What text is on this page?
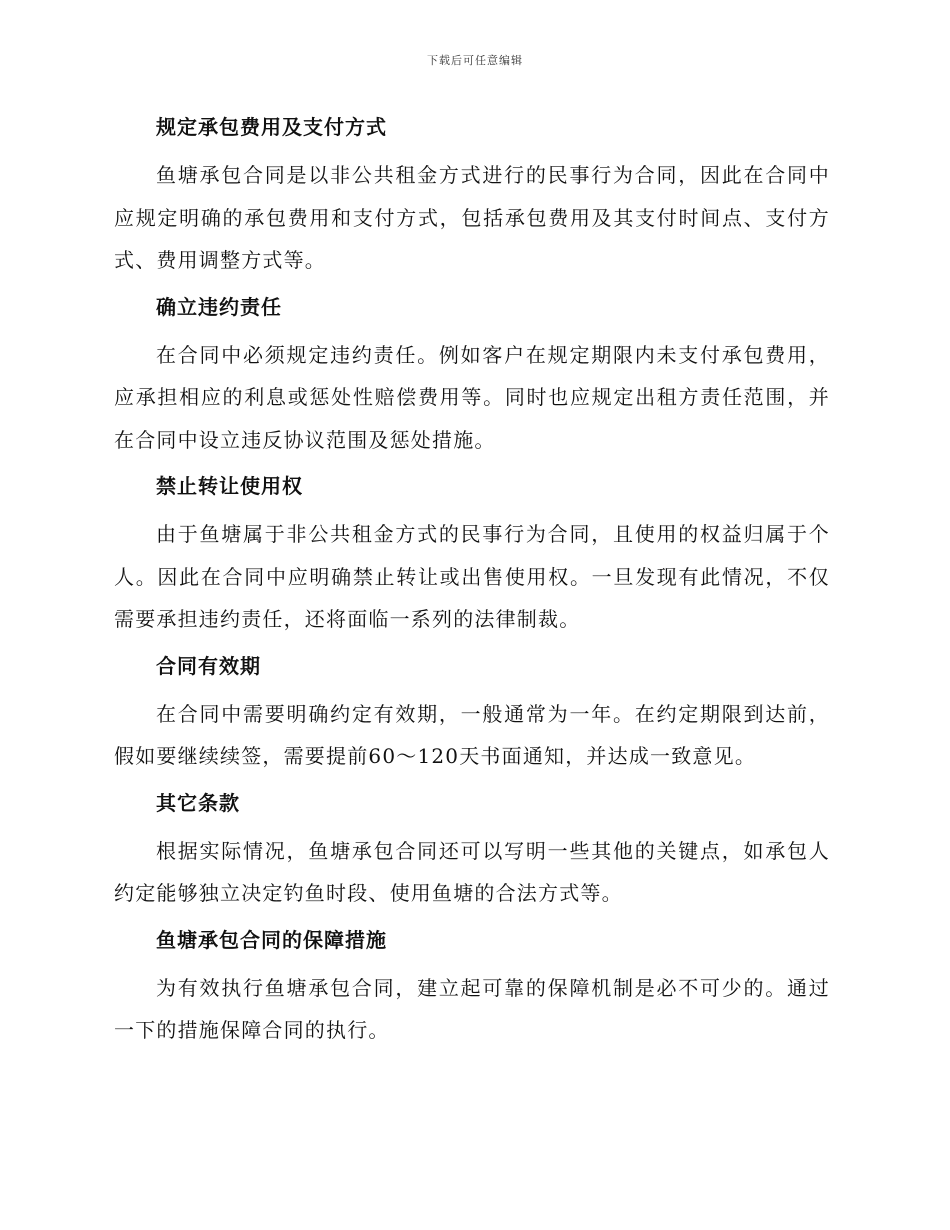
下载后可任意编辑
规定承包费用及支付方式

鱼塘承包合同是以非公共租金方式进行的民事行为合同，因此在合同中应规定明确的承包费用和支付方式，包括承包费用及其支付时间点、支付方式、费用调整方式等。

确立违约责任

在合同中必须规定违约责任。例如客户在规定期限内未支付承包费用，应承担相应的利息或惩处性赔偿费用等。同时也应规定出租方责任范围，并在合同中设立违反协议范围及惩处措施。

禁止转让使用权

由于鱼塘属于非公共租金方式的民事行为合同，且使用的权益归属于个人。因此在合同中应明确禁止转让或出售使用权。一旦发现有此情况，不仅需要承担违约责任，还将面临一系列的法律制裁。

合同有效期

在合同中需要明确约定有效期，一般通常为一年。在约定期限到达前，假如要继续续签，需要提前60～120天书面通知，并达成一致意见。

其它条款

根据实际情况，鱼塘承包合同还可以写明一些其他的关键点，如承包人约定能够独立决定钓鱼时段、使用鱼塘的合法方式等。

鱼塘承包合同的保障措施

为有效执行鱼塘承包合同，建立起可靠的保障机制是必不可少的。通过一下的措施保障合同的执行。
